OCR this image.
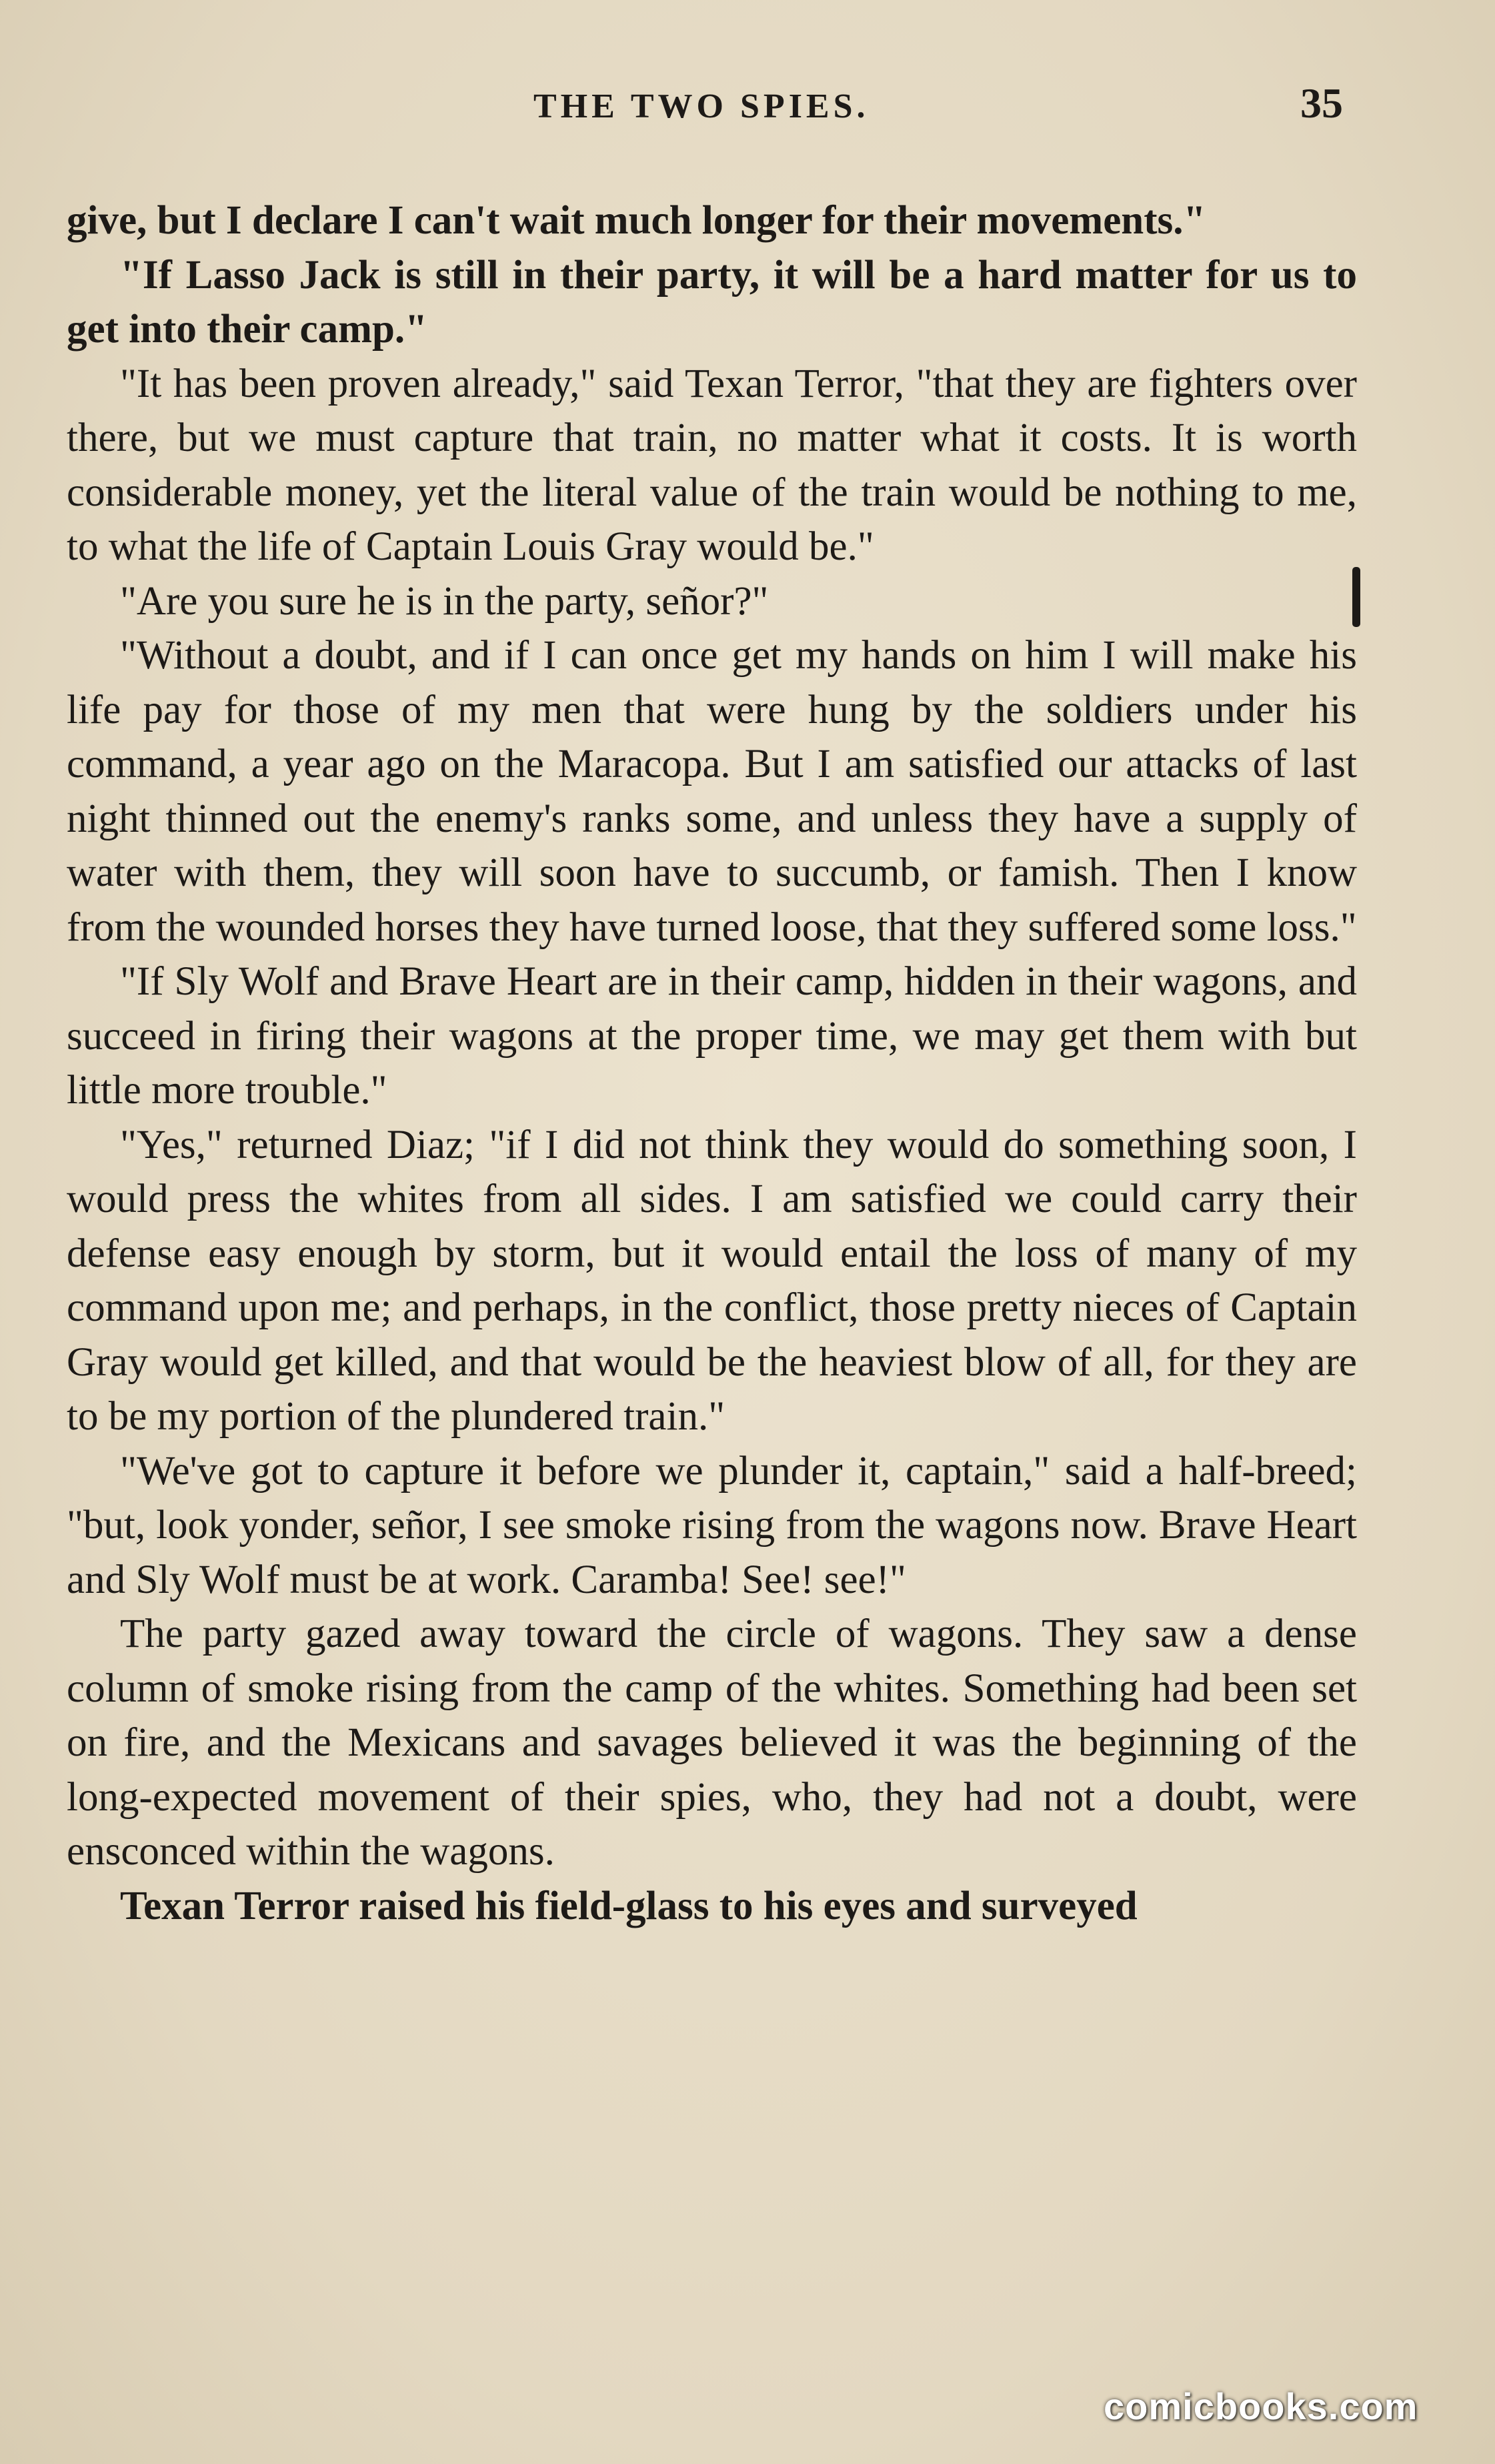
THE TWO SPIES.	35

give, but I declare I can't wait much longer for their movements."

"If Lasso Jack is still in their party, it will be a hard matter for us to get into their camp."

"It has been proven already," said Texan Terror, "that they are fighters over there, but we must capture that train, no matter what it costs. It is worth considerable money, yet the literal value of the train would be nothing to me, to what the life of Captain Louis Gray would be."

"Are you sure he is in the party, señor?"

"Without a doubt, and if I can once get my hands on him I will make his life pay for those of my men that were hung by the soldiers under his command, a year ago on the Maracopa. But I am satisfied our attacks of last night thinned out the enemy's ranks some, and unless they have a supply of water with them, they will soon have to succumb, or famish. Then I know from the wounded horses they have turned loose, that they suffered some loss."

"If Sly Wolf and Brave Heart are in their camp, hidden in their wagons, and succeed in firing their wagons at the proper time, we may get them with but little more trouble."

"Yes," returned Diaz; "if I did not think they would do something soon, I would press the whites from all sides. I am satisfied we could carry their defense easy enough by storm, but it would entail the loss of many of my command upon me; and perhaps, in the conflict, those pretty nieces of Captain Gray would get killed, and that would be the heaviest blow of all, for they are to be my portion of the plundered train."

"We've got to capture it before we plunder it, captain," said a half-breed; "but, look yonder, señor, I see smoke rising from the wagons now. Brave Heart and Sly Wolf must be at work. Caramba! See! see!"

The party gazed away toward the circle of wagons. They saw a dense column of smoke rising from the camp of the whites. Something had been set on fire, and the Mexicans and savages believed it was the beginning of the long-expected movement of their spies, who, they had not a doubt, were ensconced within the wagons.

Texan Terror raised his field-glass to his eyes and surveyed

comicbooks.com
